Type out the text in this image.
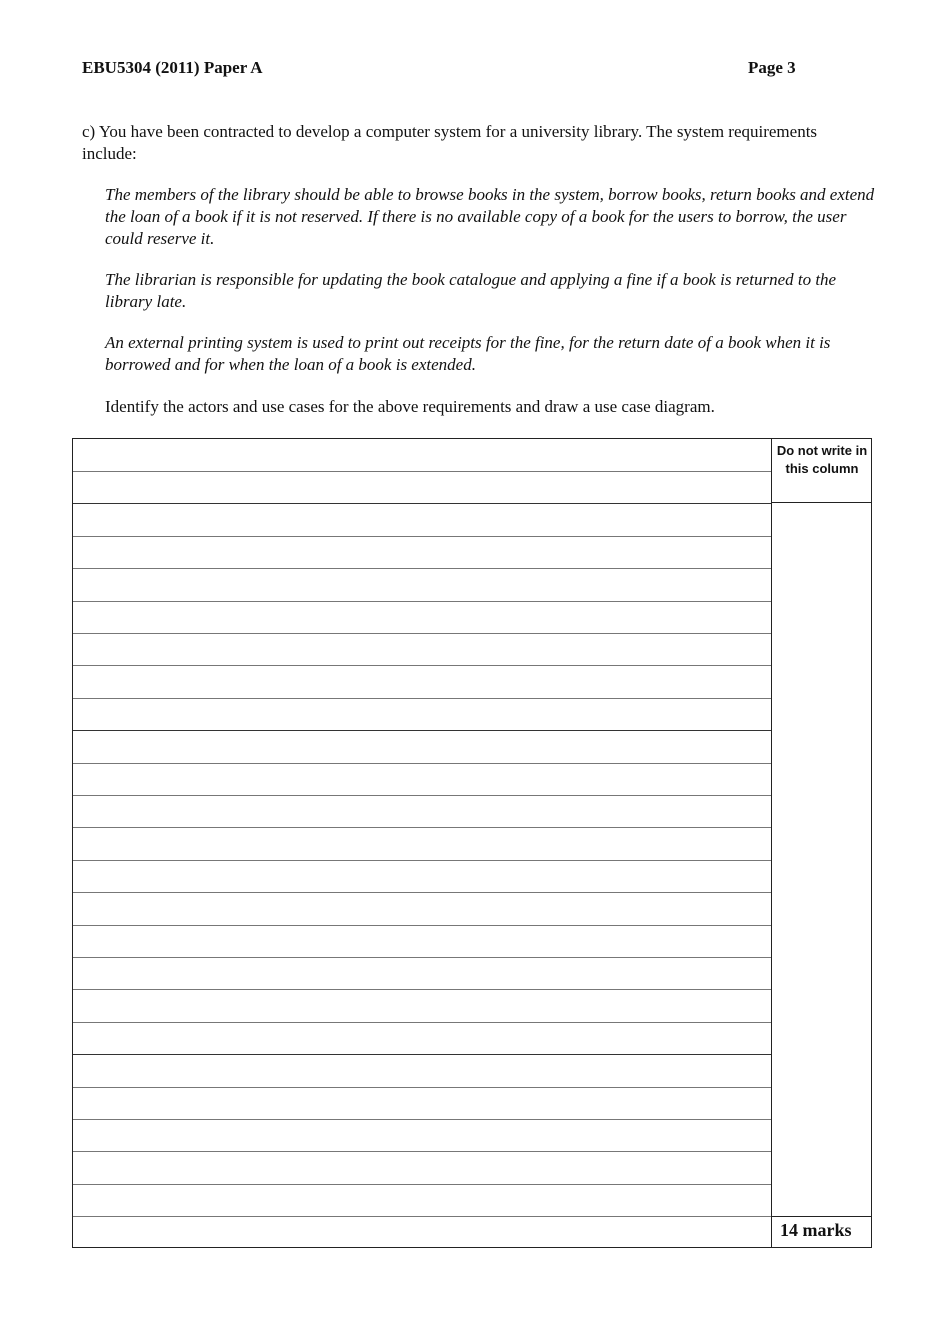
EBU5304 (2011) Paper A	Page 3

c) You have been contracted to develop a computer system for a university library. The system requirements include:

The members of the library should be able to browse books in the system, borrow books, return books and extend the loan of a book if it is not reserved. If there is no available copy of a book for the users to borrow, the user could reserve it.

The librarian is responsible for updating the book catalogue and applying a fine if a book is returned to the library late.

An external printing system is used to print out receipts for the fine, for the return date of a book when it is borrowed and for when the loan of a book is extended.

Identify the actors and use cases for the above requirements and draw a use case diagram.

Do not write in this column
14 marks
